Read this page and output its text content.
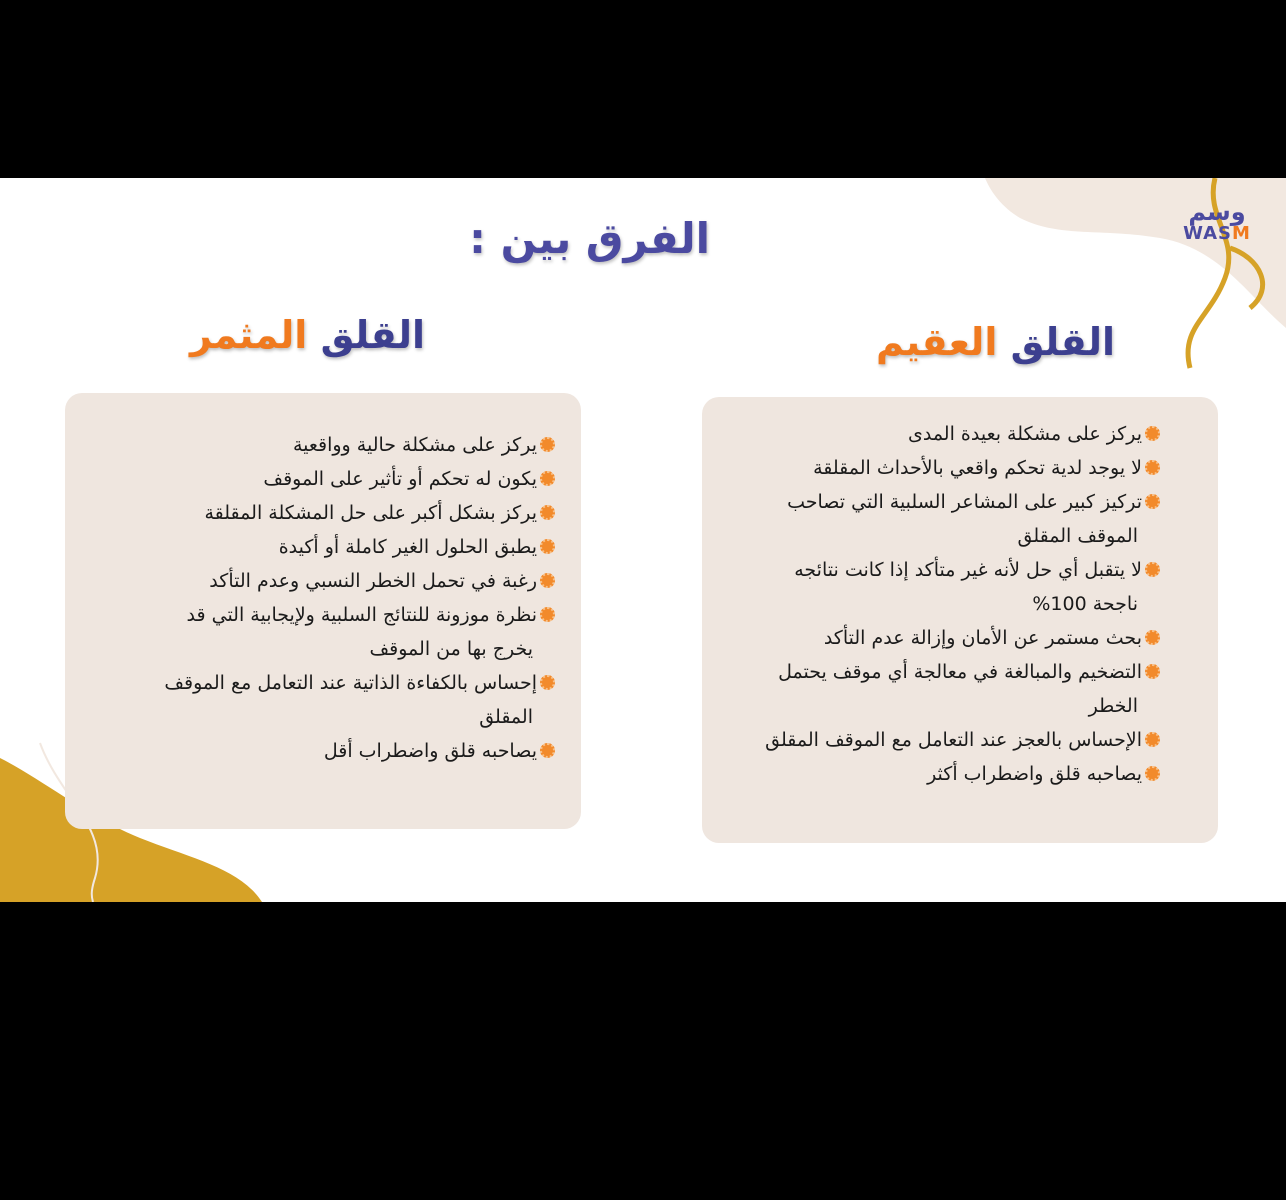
وسم
WASM
الفرق بين :
القلق العقيم
القلق المثمر
يركز على مشكلة بعيدة المدى
لا يوجد لدية تحكم واقعي بالأحداث المقلقة
تركيز كبير على المشاعر السلبية التي تصاحب
الموقف المقلق
لا يتقبل أي حل لأنه غير متأكد إذا كانت نتائجه
ناجحة 100%
بحث مستمر عن الأمان وإزالة عدم التأكد
التضخيم والمبالغة في معالجة أي موقف يحتمل
الخطر
الإحساس بالعجز عند التعامل مع الموقف المقلق
يصاحبه قلق واضطراب أكثر
يركز على مشكلة حالية وواقعية
يكون له تحكم أو تأثير على الموقف
يركز بشكل أكبر على حل المشكلة المقلقة
يطبق الحلول الغير كاملة أو أكيدة
رغبة في تحمل الخطر النسبي وعدم التأكد
نظرة موزونة للنتائج السلبية ولإيجابية التي قد
يخرج بها من الموقف
إحساس بالكفاءة الذاتية عند التعامل مع الموقف
المقلق
يصاحبه قلق واضطراب أقل
